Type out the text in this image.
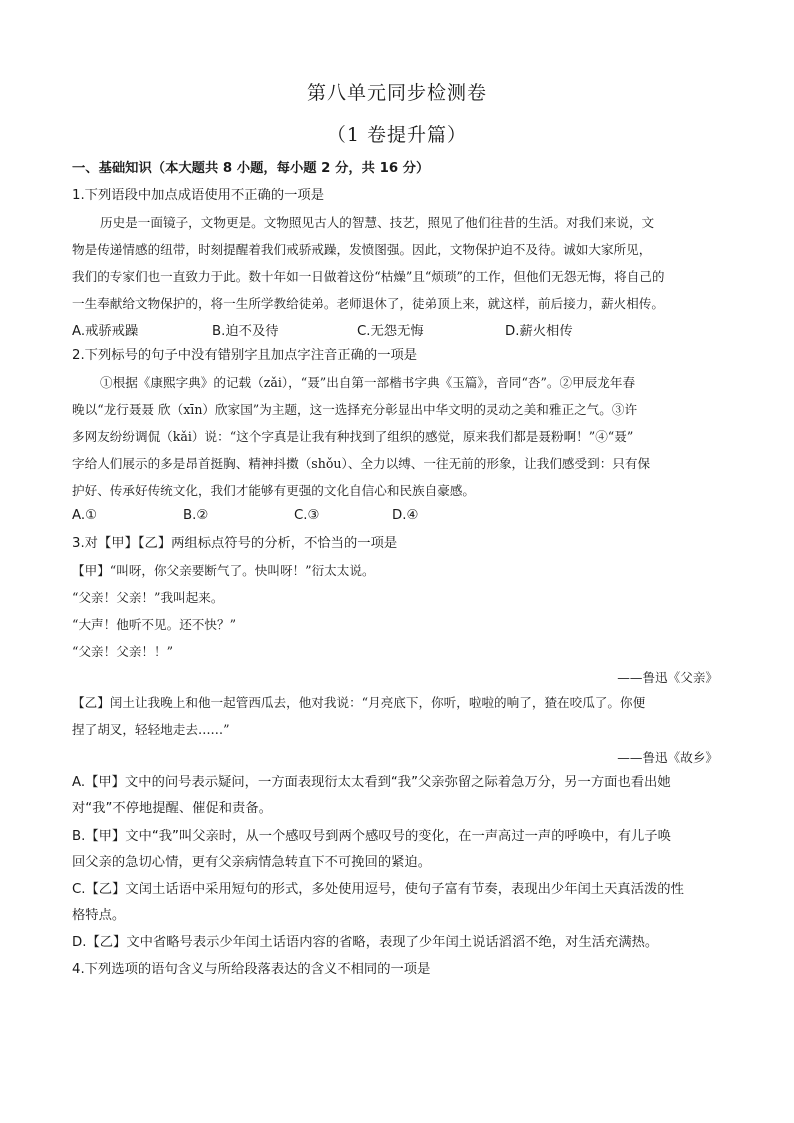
第八单元同步检测卷
（1 卷提升篇）
一、基础知识（本大题共 8 小题，每小题 2 分，共 16 分）
1.下列语段中加点成语使用不正确的一项是
历史是一面镜子，文物更是。文物照见古人的智慧、技艺，照见了他们往昔的生活。对我们来说，文
物是传递情感的纽带，时刻提醒着我们戒骄戒躁，发愤图强。因此，文物保护迫不及待。诚如大家所见，
我们的专家们也一直致力于此。数十年如一日做着这份“枯燥”且“烦琐”的工作，但他们无怨无悔，将自己的
一生奉献给文物保护的，将一生所学教给徒弟。老师退休了，徒弟顶上来，就这样，前后接力，薪火相传。
A.戒骄戒躁	B.迫不及待	C.无怨无悔	D.薪火相传
2.下列标号的句子中没有错别字且加点字注音正确的一项是
①根据《康熙字典》的记载（zǎi），“聂”出自第一部楷书字典《玉篇》，音同“呇”。②甲辰龙年春
晚以“龙行聂聂 欣（xīn）欣家国”为主题，这一选择充分彰显出中华文明的灵动之美和雅正之气。③许
多网友纷纷调侃（kǎi）说：“这个字真是让我有种找到了组织的感觉，原来我们都是聂粉啊！”④“聂”
字给人们展示的多是昂首挺胸、精神抖擞（shǒu）、全力以缚、一往无前的形象，让我们感受到：只有保
护好、传承好传统文化，我们才能够有更强的文化自信心和民族自豪感。
A.①	B.②	C.③	D.④
3.对【甲】【乙】两组标点符号的分析，不恰当的一项是
【甲】“叫呀，你父亲要断气了。快叫呀！”衍太太说。
“父亲！父亲！”我叫起来。
“大声！他听不见。还不快？”
“父亲！父亲！！”
——鲁迅《父亲》
【乙】闰土让我晚上和他一起管西瓜去，他对我说：“月亮底下，你听，啦啦的响了，猹在咬瓜了。你便
捏了胡叉，轻轻地走去……”
——鲁迅《故乡》
A.【甲】文中的问号表示疑问，一方面表现衍太太看到“我”父亲弥留之际着急万分，另一方面也看出她
对“我”不停地提醒、催促和责备。
B.【甲】文中“我”叫父亲时，从一个感叹号到两个感叹号的变化，在一声高过一声的呼唤中，有儿子唤
回父亲的急切心情，更有父亲病情急转直下不可挽回的紧迫。
C.【乙】文闰土话语中采用短句的形式，多处使用逗号，使句子富有节奏，表现出少年闰土天真活泼的性
格特点。
D.【乙】文中省略号表示少年闰土话语内容的省略，表现了少年闰土说话滔滔不绝，对生活充满热。
4.下列选项的语句含义与所给段落表达的含义不相同的一项是
